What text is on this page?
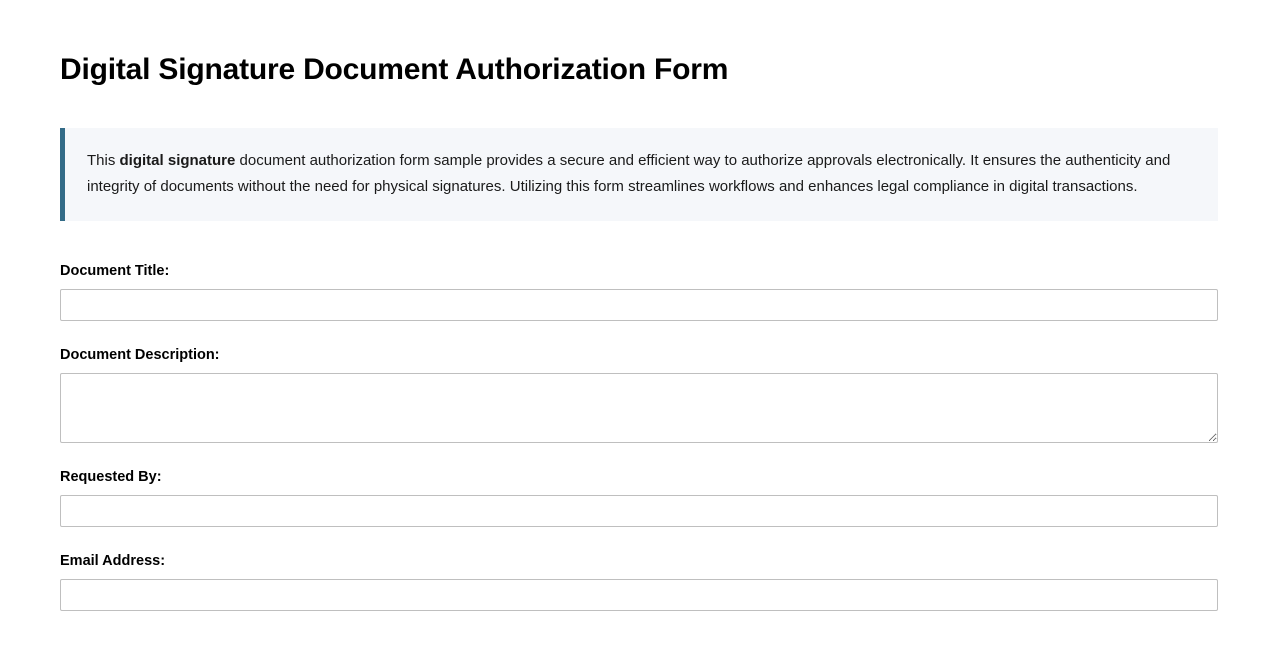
Digital Signature Document Authorization Form

This digital signature document authorization form sample provides a secure and efficient way to authorize approvals electronically. It ensures the authenticity and integrity of documents without the need for physical signatures. Utilizing this form streamlines workflows and enhances legal compliance in digital transactions.

Document Title:
Document Description:
Requested By:
Email Address:
